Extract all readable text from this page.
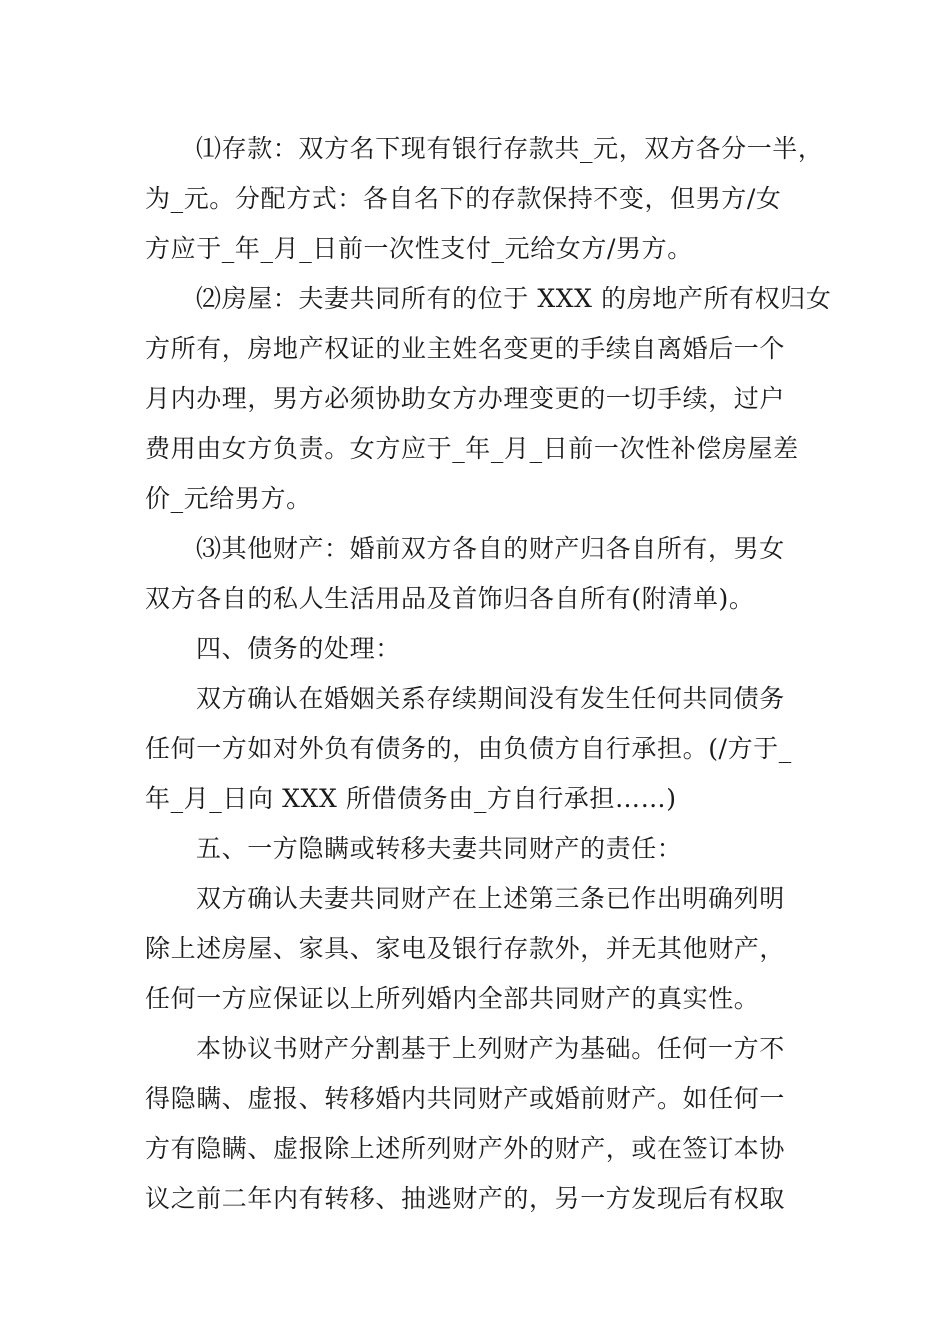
⑴存款：双方名下现有银行存款共_元，双方各分一半，
为_元。分配方式：各自名下的存款保持不变，但男方/女
方应于_年_月_日前一次性支付_元给女方/男方。
⑵房屋：夫妻共同所有的位于 XXX 的房地产所有权归女
方所有，房地产权证的业主姓名变更的手续自离婚后一个
月内办理，男方必须协助女方办理变更的一切手续，过户
费用由女方负责。女方应于_年_月_日前一次性补偿房屋差
价_元给男方。
⑶其他财产：婚前双方各自的财产归各自所有，男女
双方各自的私人生活用品及首饰归各自所有(附清单)。
四、债务的处理：
双方确认在婚姻关系存续期间没有发生任何共同债务
任何一方如对外负有债务的，由负债方自行承担。(/方于_
年_月_日向 XXX 所借债务由_方自行承担……)
五、一方隐瞒或转移夫妻共同财产的责任：
双方确认夫妻共同财产在上述第三条已作出明确列明
除上述房屋、家具、家电及银行存款外，并无其他财产，
任何一方应保证以上所列婚内全部共同财产的真实性。
本协议书财产分割基于上列财产为基础。任何一方不
得隐瞒、虚报、转移婚内共同财产或婚前财产。如任何一
方有隐瞒、虚报除上述所列财产外的财产，或在签订本协
议之前二年内有转移、抽逃财产的，另一方发现后有权取
